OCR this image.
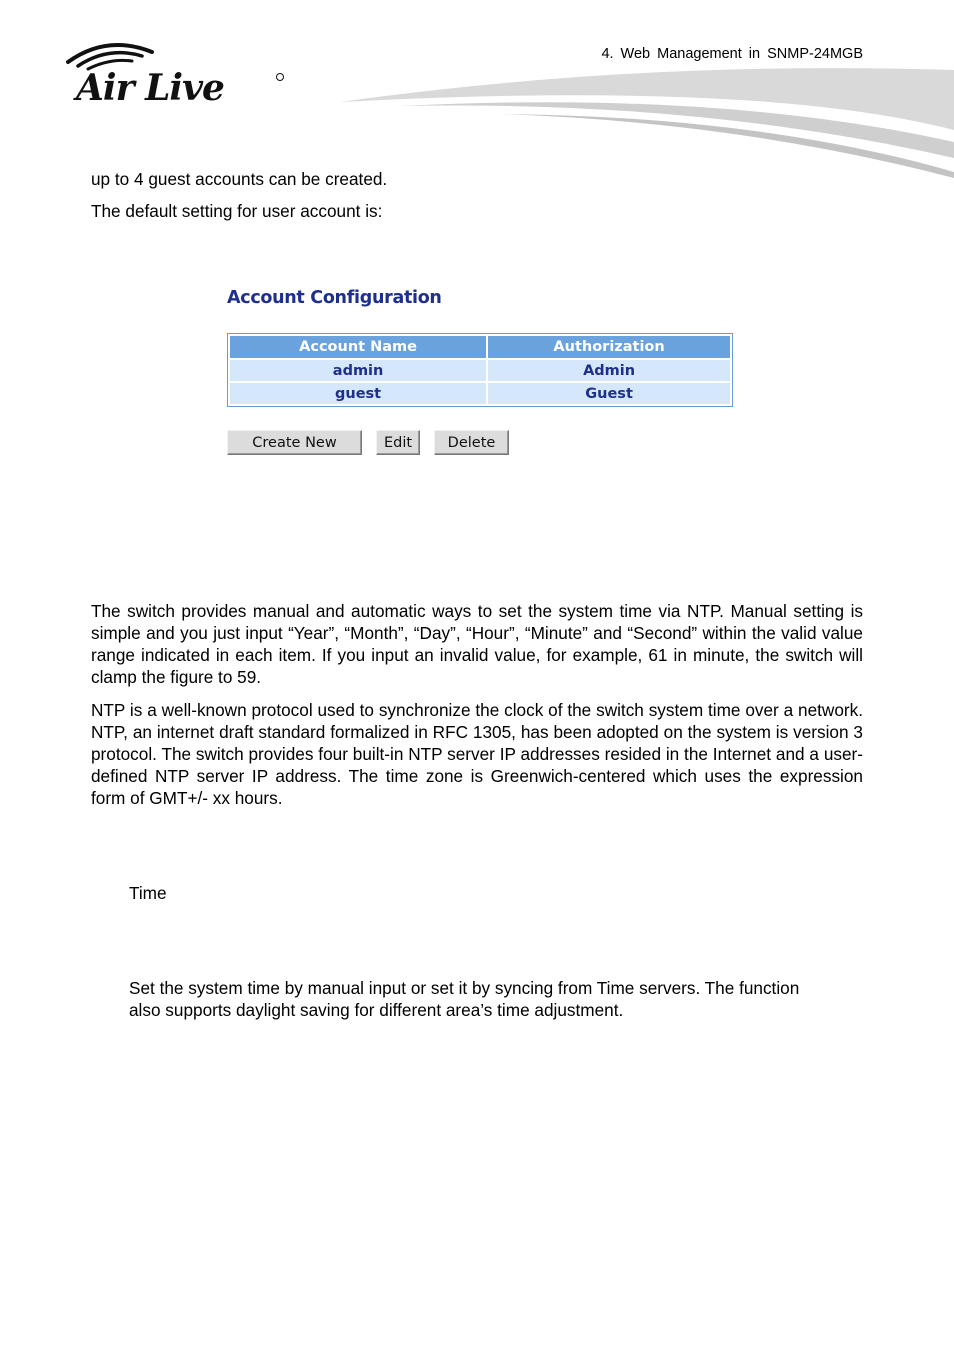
Air Live
4. Web Management in SNMP-24MGB
up to 4 guest accounts can be created.
The default setting for user account is:
Account Configuration
Account Name	Authorization
admin	Admin
guest	Guest
Create New	Edit	Delete
The switch provides manual and automatic ways to set the system time via NTP. Manual setting is simple and you just input “Year”, “Month”, “Day”, “Hour”, “Minute” and “Second” within the valid value range indicated in each item. If you input an invalid value, for example, 61 in minute, the switch will clamp the figure to 59.
NTP is a well-known protocol used to synchronize the clock of the switch system time over a network. NTP, an internet draft standard formalized in RFC 1305, has been adopted on the system is version 3 protocol. The switch provides four built-in NTP server IP addresses resided in the Internet and a user-defined NTP server IP address. The time zone is Greenwich-centered which uses the expression form of GMT+/- xx hours.
Time
Set the system time by manual input or set it by syncing from Time servers. The function also supports daylight saving for different area’s time adjustment.
